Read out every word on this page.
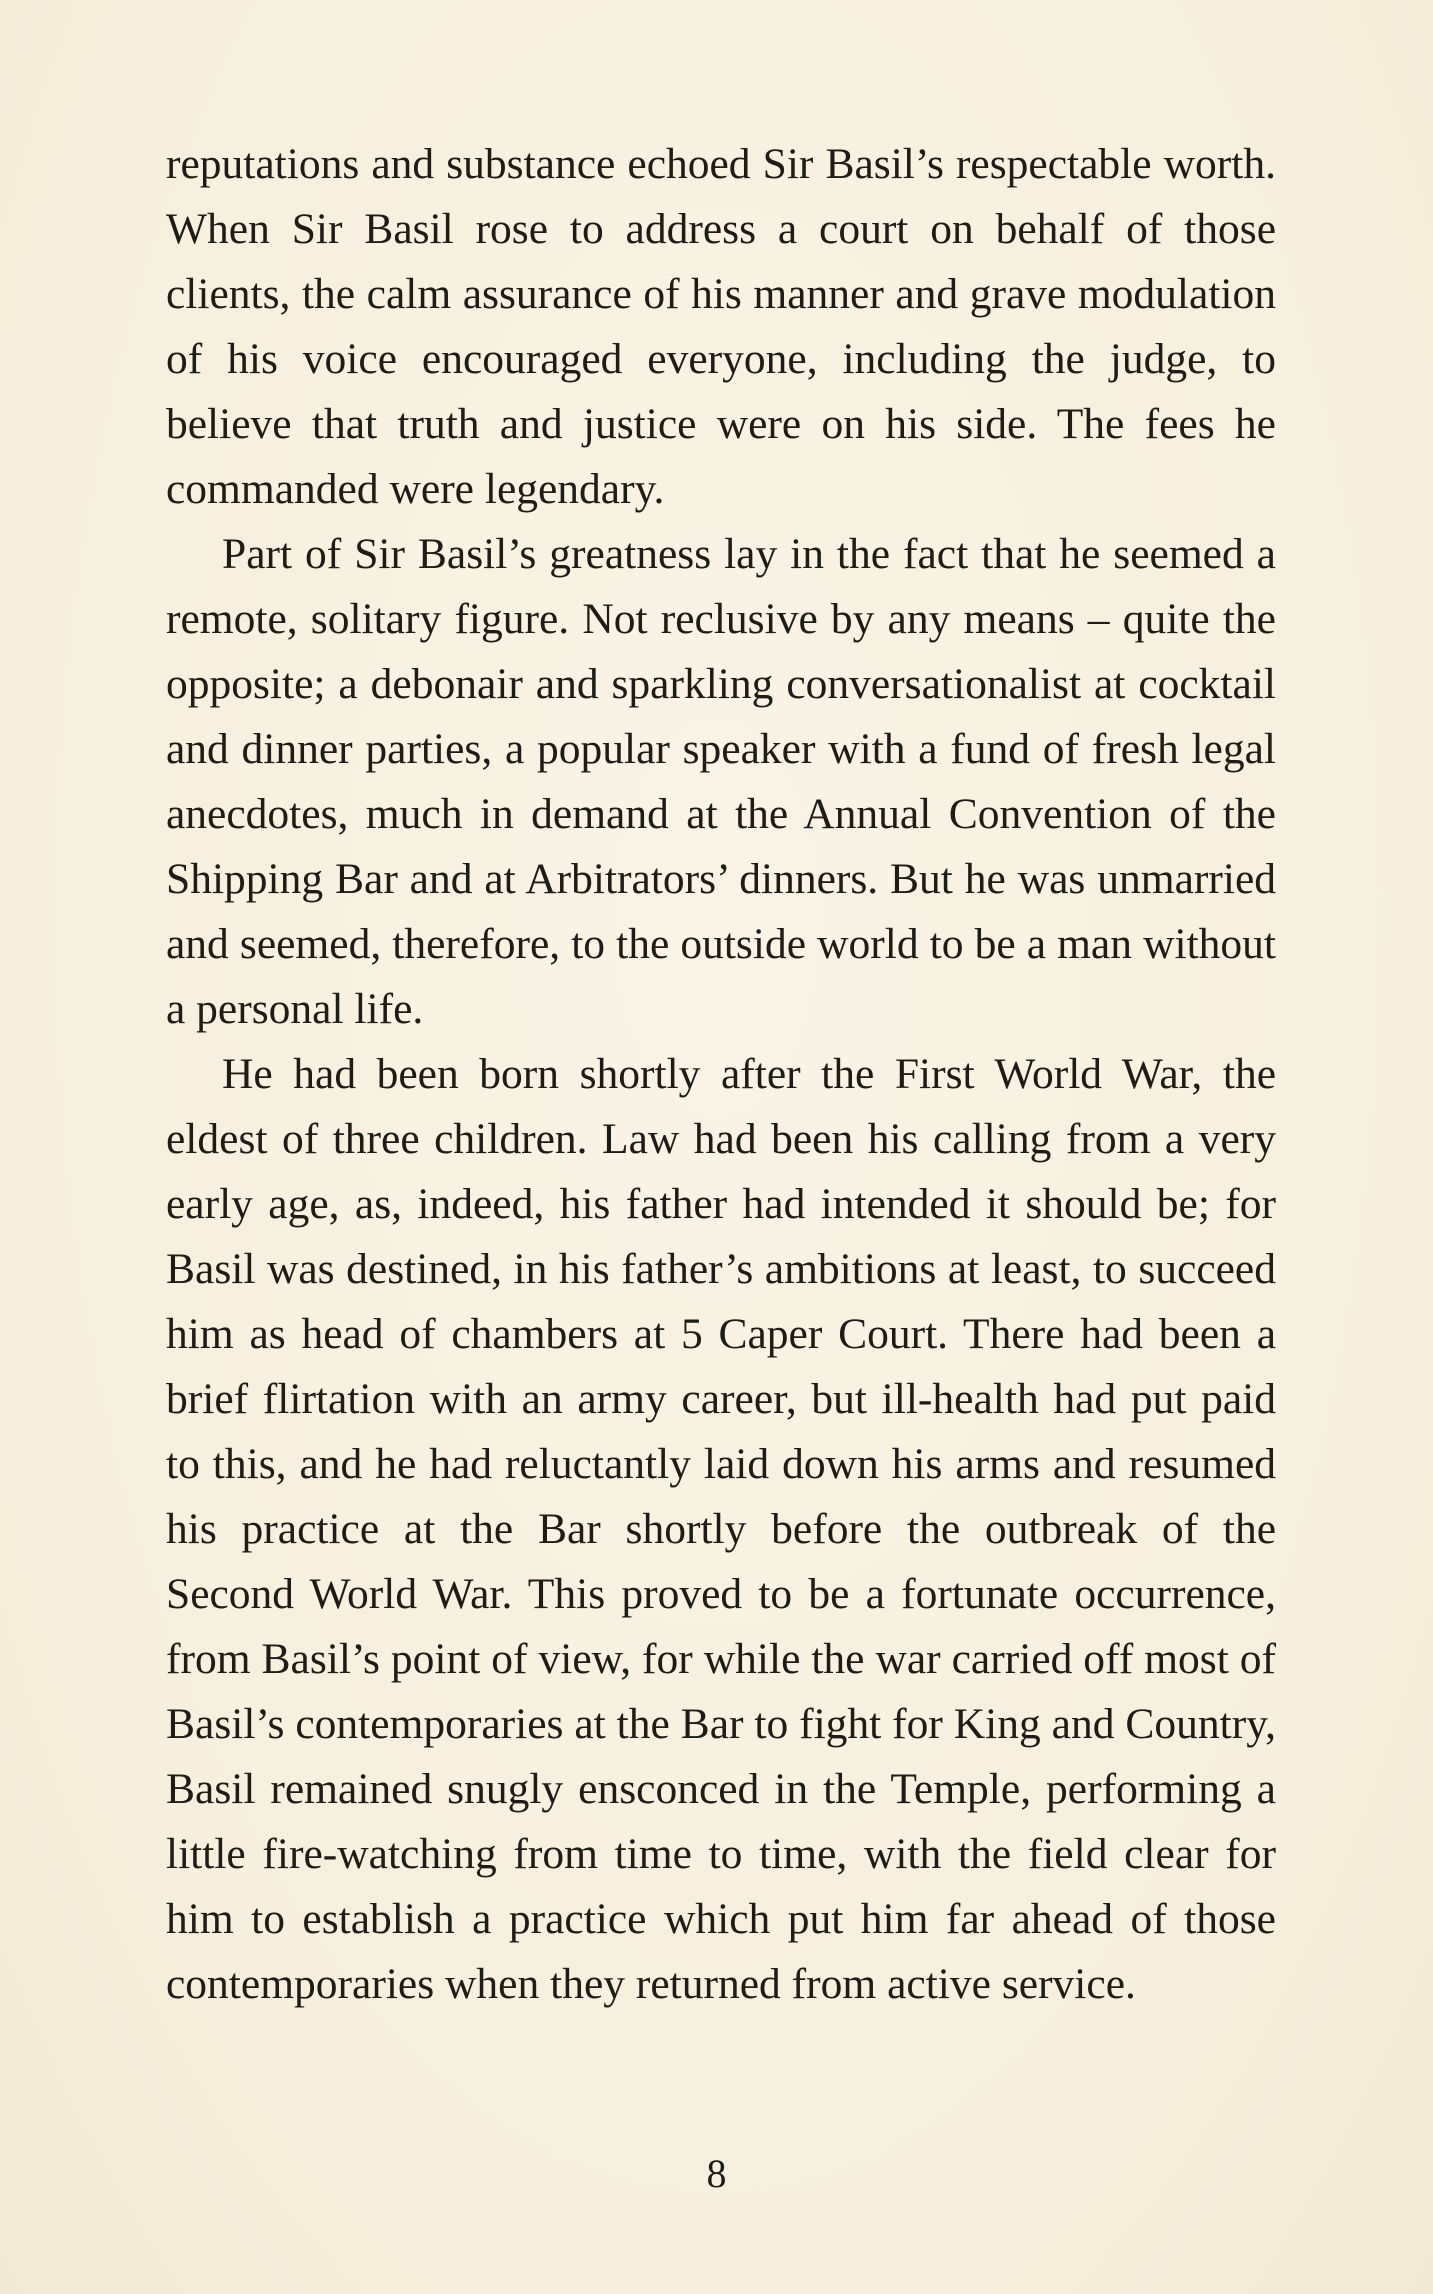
reputations and substance echoed Sir Basil’s respectable worth. When Sir Basil rose to address a court on behalf of those clients, the calm assurance of his manner and grave modulation of his voice encouraged everyone, including the judge, to believe that truth and justice were on his side. The fees he commanded were legendary.

Part of Sir Basil’s greatness lay in the fact that he seemed a remote, solitary figure. Not reclusive by any means – quite the opposite; a debonair and sparkling conversationalist at cocktail and dinner parties, a popular speaker with a fund of fresh legal anecdotes, much in demand at the Annual Convention of the Shipping Bar and at Arbitrators’ dinners. But he was unmarried and seemed, therefore, to the outside world to be a man without a personal life.

He had been born shortly after the First World War, the eldest of three children. Law had been his calling from a very early age, as, indeed, his father had intended it should be; for Basil was destined, in his father’s ambitions at least, to succeed him as head of chambers at 5 Caper Court. There had been a brief flirtation with an army career, but ill-health had put paid to this, and he had reluctantly laid down his arms and resumed his practice at the Bar shortly before the outbreak of the Second World War. This proved to be a fortunate occurrence, from Basil’s point of view, for while the war carried off most of Basil’s contemporaries at the Bar to fight for King and Country, Basil remained snugly ensconced in the Temple, performing a little fire-watching from time to time, with the field clear for him to establish a practice which put him far ahead of those contemporaries when they returned from active service.

8
